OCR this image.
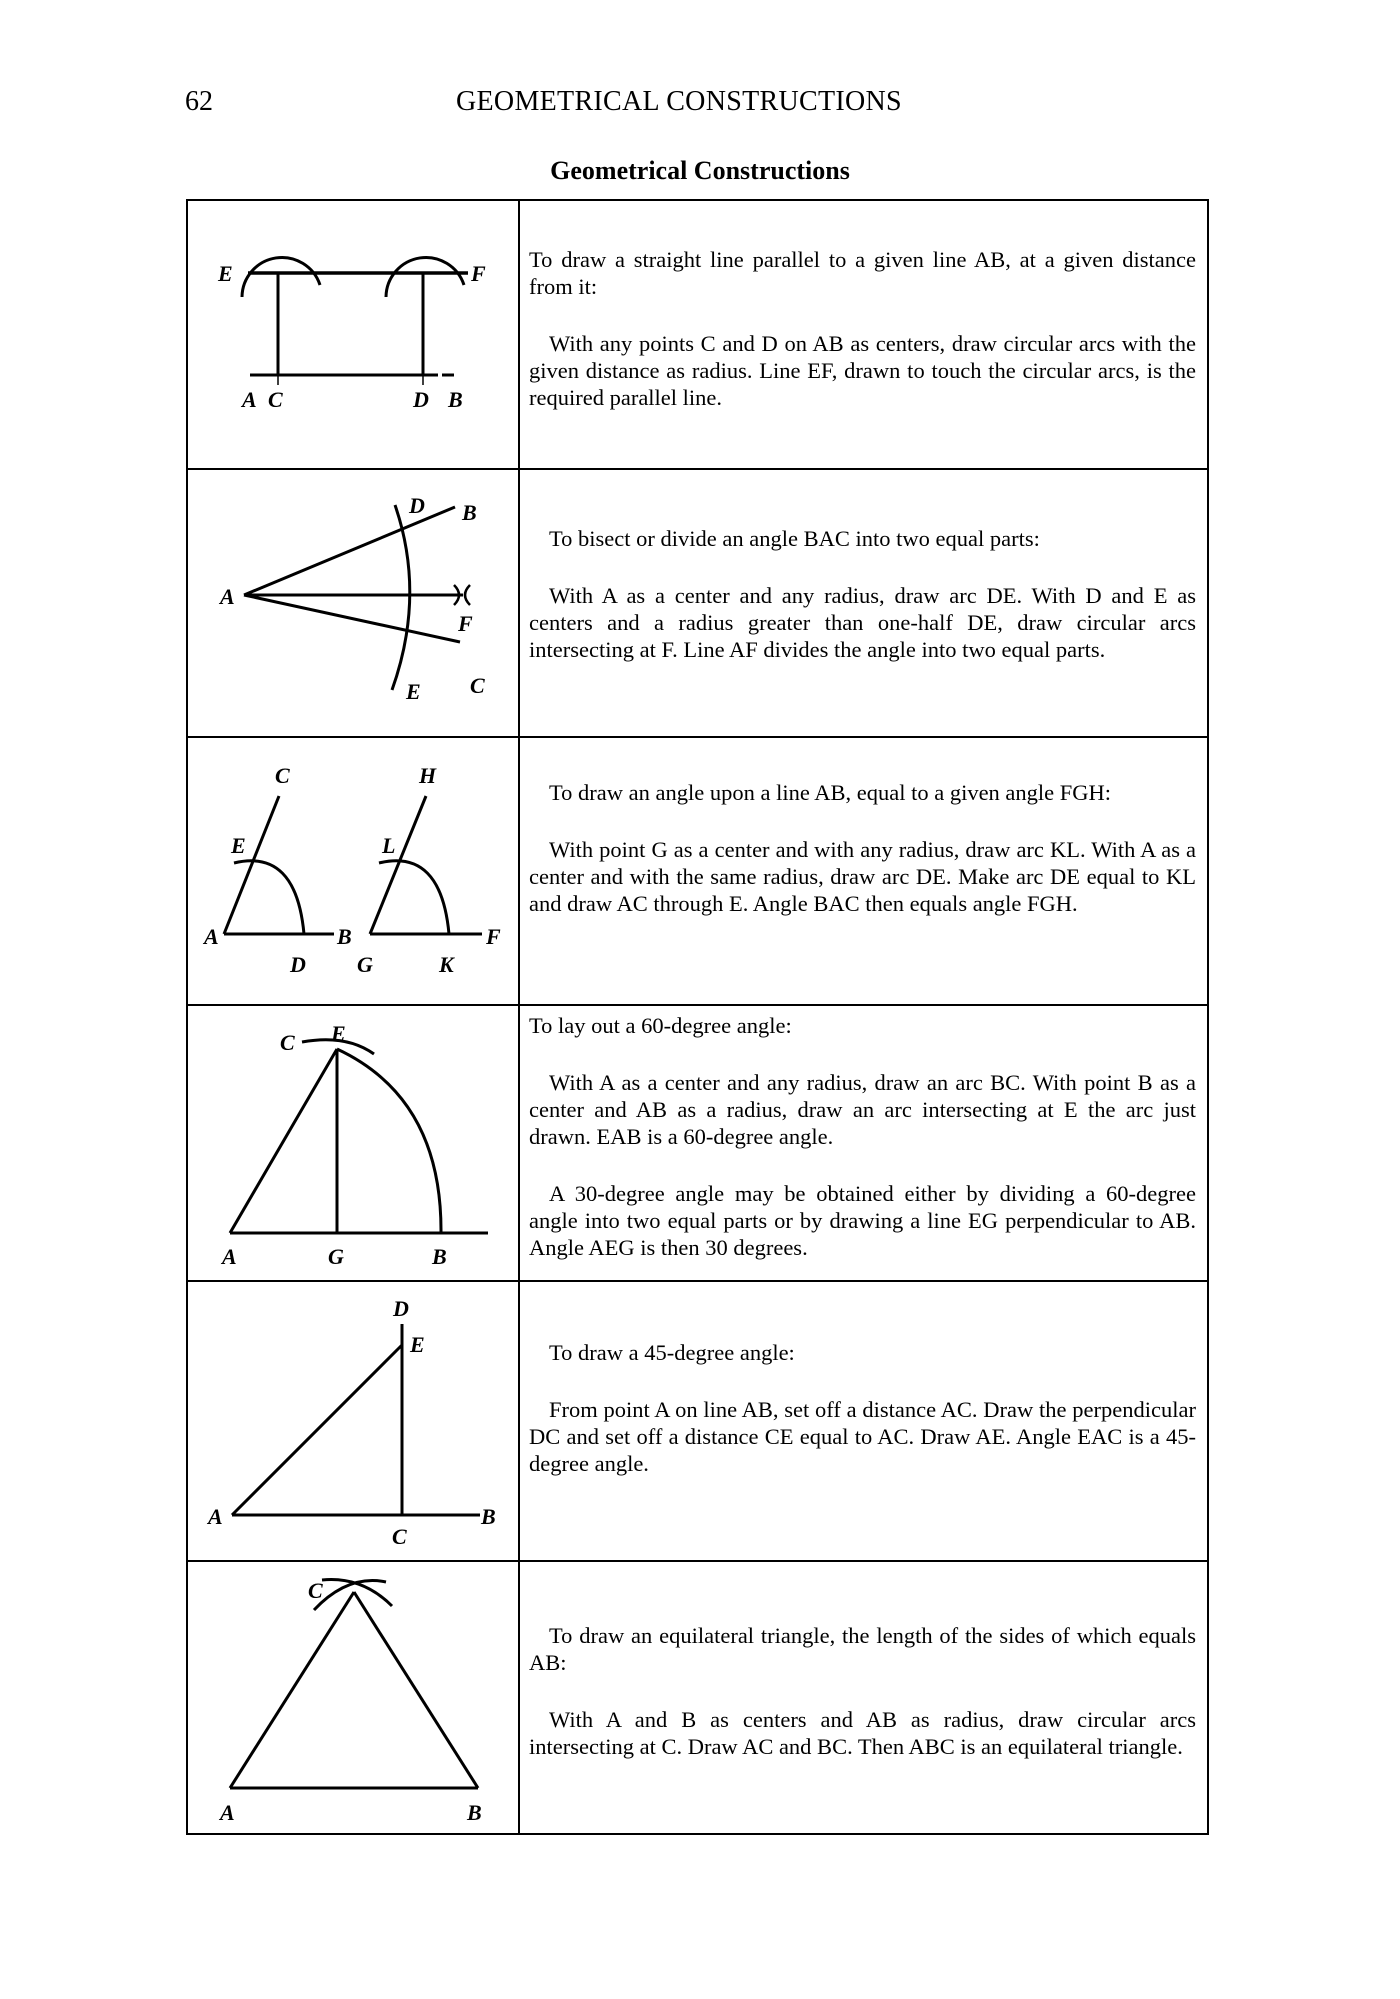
62	GEOMETRICAL CONSTRUCTIONS
Geometrical Constructions
E	F
A C	D B

To draw a straight line parallel to a given line AB, at a given distance from it:

With any points C and D on AB as centers, draw circular arcs with the given distance as radius. Line EF, drawn to touch the circular arcs, is the required parallel line.

A
B
D
F
E C

To bisect or divide an angle BAC into two equal parts:

With A as a center and any radius, draw arc DE. With D and E as centers and a radius greater than one-half DE, draw circular arcs intersecting at F. Line AF divides the angle into two equal parts.

C	H
E	L
A	B
D G	K
F

To draw an angle upon a line AB, equal to a given angle FGH:

With point G as a center and with any radius, draw arc KL. With A as a center and with the same radius, draw arc DE. Make arc DE equal to KL and draw AC through E. Angle BAC then equals angle FGH.

C E
A	G	B

To lay out a 60-degree angle:

With A as a center and any radius, draw an arc BC. With point B as a center and AB as a radius, draw an arc intersecting at E the arc just drawn. EAB is a 60-degree angle.

A 30-degree angle may be obtained either by dividing a 60-degree angle into two equal parts or by drawing a line EG perpendicular to AB. Angle AEG is then 30 degrees.

D
E
A
C
B

To draw a 45-degree angle:

From point A on line AB, set off a distance AC. Draw the perpendicular DC and set off a distance CE equal to AC. Draw AE. Angle EAC is a 45-degree angle.

C
A	B

To draw an equilateral triangle, the length of the sides of which equals AB:

With A and B as centers and AB as radius, draw circular arcs intersecting at C. Draw AC and BC. Then ABC is an equilateral triangle.
